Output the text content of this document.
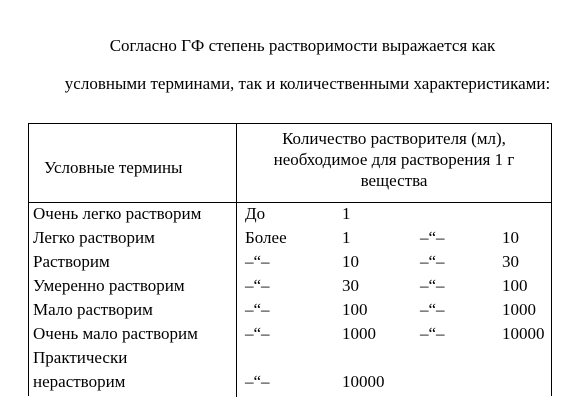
Согласно ГФ степень растворимости выражается как
условными терминами, так и количественными характеристиками:
Условные термины
Количество растворителя (мл),
необходимое для растворения 1 г
вещества
Очень легко растворим	До	1
Легко растворим	Более	1	–“–	10
Растворим	–“–	10	–“–	30
Умеренно растворим	–“–	30	–“–	100
Мало растворим	–“–	100	–“–	1000
Очень мало растворим	–“–	1000	–“–	10000
Практически
нерастворим	–“–	10000
